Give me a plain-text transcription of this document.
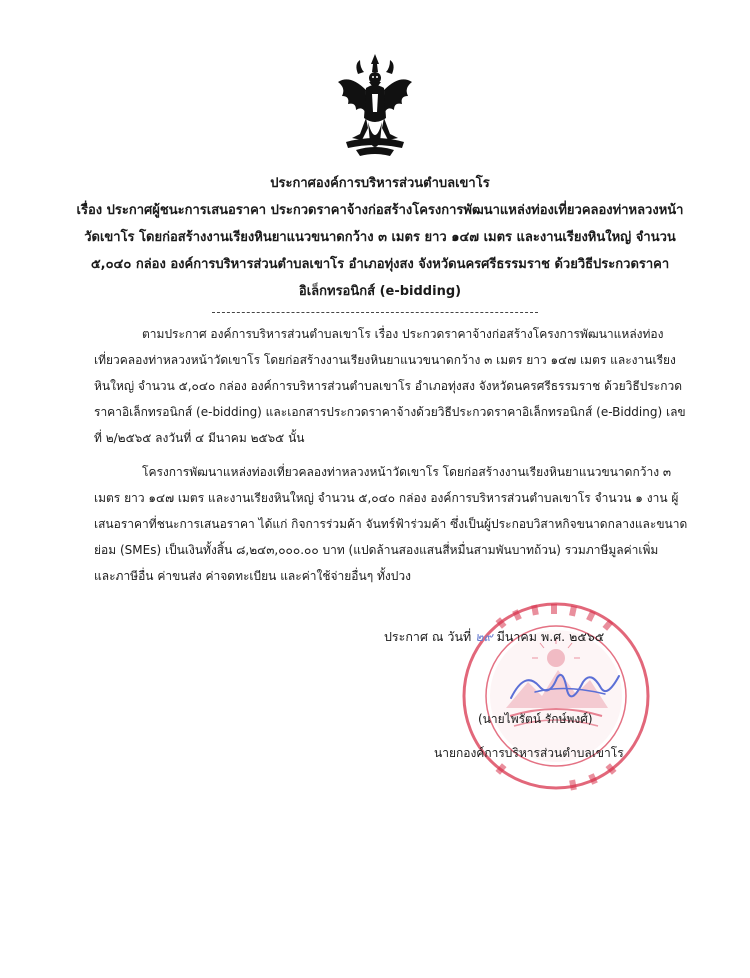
ประกาศองค์การบริหารส่วนตำบลเขาโร
เรื่อง ประกาศผู้ชนะการเสนอราคา ประกวดราคาจ้างก่อสร้างโครงการพัฒนาแหล่งท่องเที่ยวคลองท่าหลวงหน้า
วัดเขาโร โดยก่อสร้างงานเรียงหินยาแนวขนาดกว้าง ๓ เมตร ยาว ๑๔๗ เมตร และงานเรียงหินใหญ่ จำนวน
๕,๐๔๐ กล่อง องค์การบริหารส่วนตำบลเขาโร อำเภอทุ่งสง จังหวัดนครศรีธรรมราช ด้วยวิธีประกวดราคา
อิเล็กทรอนิกส์ (e-bidding)
ตามประกาศ องค์การบริหารส่วนตำบลเขาโร เรื่อง ประกวดราคาจ้างก่อสร้างโครงการพัฒนาแหล่งท่อง
เที่ยวคลองท่าหลวงหน้าวัดเขาโร โดยก่อสร้างงานเรียงหินยาแนวขนาดกว้าง ๓ เมตร ยาว ๑๔๗ เมตร และงานเรียง
หินใหญ่ จำนวน ๕,๐๔๐ กล่อง องค์การบริหารส่วนตำบลเขาโร อำเภอทุ่งสง จังหวัดนครศรีธรรมราช ด้วยวิธีประกวด
ราคาอิเล็กทรอนิกส์ (e-bidding) และเอกสารประกวดราคาจ้างด้วยวิธีประกวดราคาอิเล็กทรอนิกส์ (e-Bidding) เลข
ที่ ๒/๒๕๖๕ ลงวันที่ ๔ มีนาคม ๒๕๖๕ นั้น
โครงการพัฒนาแหล่งท่องเที่ยวคลองท่าหลวงหน้าวัดเขาโร โดยก่อสร้างงานเรียงหินยาแนวขนาดกว้าง ๓
เมตร ยาว ๑๔๗ เมตร และงานเรียงหินใหญ่ จำนวน ๕,๐๔๐ กล่อง องค์การบริหารส่วนตำบลเขาโร จำนวน ๑ งาน ผู้
เสนอราคาที่ชนะการเสนอราคา ได้แก่ กิจการร่วมค้า จันทร์ฟ้าร่วมค้า ซึ่งเป็นผู้ประกอบวิสาหกิจขนาดกลางและขนาด
ย่อม (SMEs) เป็นเงินทั้งสิ้น ๘,๒๔๓,๐๐๐.๐๐ บาท (แปดล้านสองแสนสี่หมื่นสามพันบาทถ้วน) รวมภาษีมูลค่าเพิ่ม
และภาษีอื่น ค่าขนส่ง ค่าจดทะเบียน และค่าใช้จ่ายอื่นๆ ทั้งปวง
ประกาศ ณ วันที่ ๒๙ มีนาคม พ.ศ. ๒๕๖๕
(นายไพรัตน์ รักษ์พงศ์)
นายกองค์การบริหารส่วนตำบลเขาโร
